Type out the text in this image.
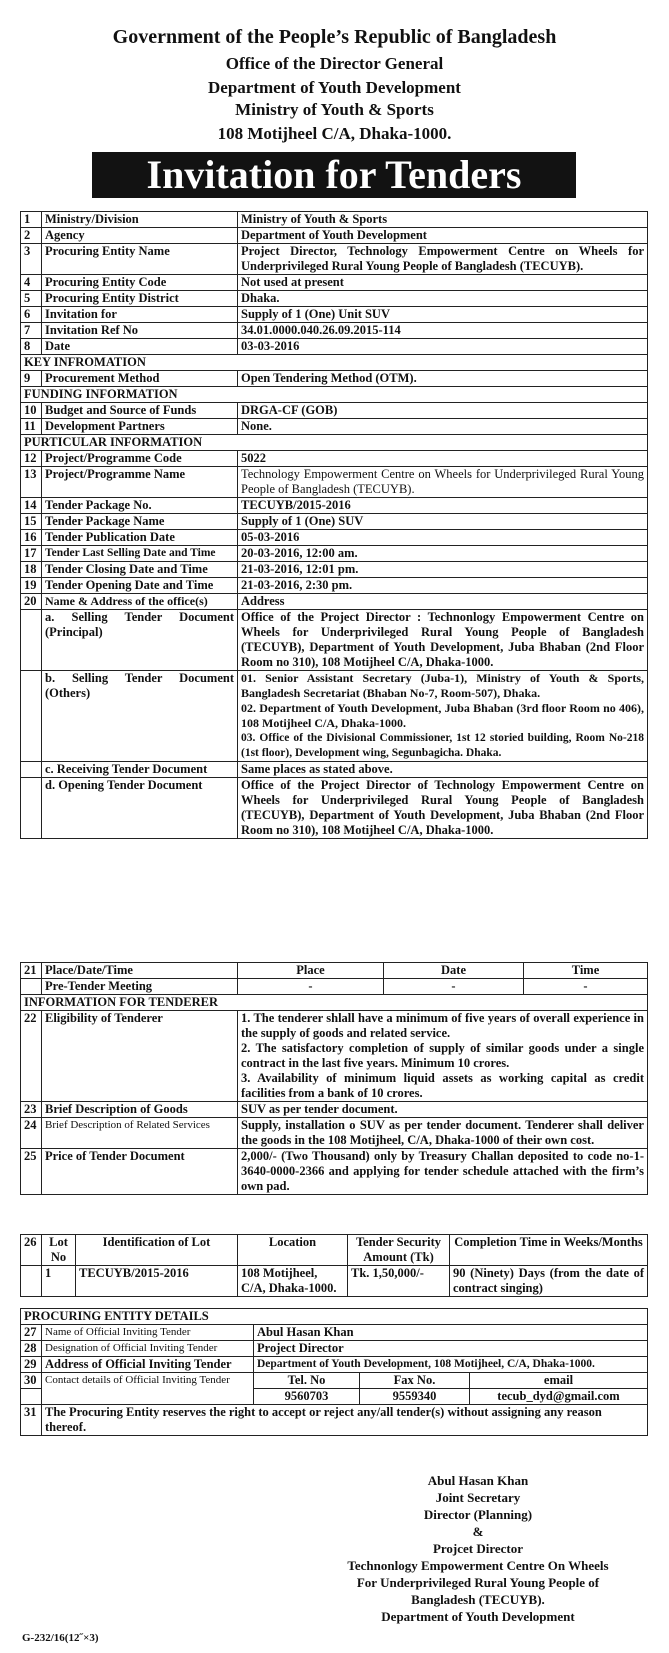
Government of the People’s Republic of Bangladesh
Office of the Director General
Department of Youth Development
Ministry of Youth & Sports
108 Motijheel C/A, Dhaka-1000.
Invitation for Tenders
1	Ministry/Division	Ministry of Youth & Sports
2	Agency	Department of Youth Development
3	Procuring Entity Name	Project Director, Technology Empowerment Centre on Wheels for Underprivileged Rural Young People of Bangladesh (TECUYB).
4	Procuring Entity Code	Not used at present
5	Procuring Entity District	Dhaka.
6	Invitation for	Supply of 1 (One) Unit SUV
7	Invitation Ref No	34.01.0000.040.26.09.2015-114
8	Date	03-03-2016
KEY INFROMATION		
9	Procurement Method	Open Tendering Method (OTM).
FUNDING INFORMATION		
10	Budget and Source of Funds	DRGA-CF (GOB)
11	Development Partners	None.
PURTICULAR INFORMATION		
12	Project/Programme Code	5022
13	Project/Programme Name	Technology Empowerment Centre on Wheels for Underprivileged Rural Young People of Bangladesh (TECUYB).
14	Tender Package No.	TECUYB/2015-2016
15	Tender Package Name	Supply of 1 (One) SUV
16	Tender Publication Date	05-03-2016
17	Tender Last Selling Date and Time	20-03-2016, 12:00 am.
18	Tender Closing Date and Time	21-03-2016, 12:01 pm.
19	Tender Opening Date and Time	21-03-2016, 2:30 pm.
20	Name & Address of the office(s)	Address
	a. Selling Tender Document (Principal)	Office of the Project Director : Technonlogy Empowerment Centre on Wheels for Underprivileged Rural Young People of Bangladesh (TECUYB), Department of Youth Development, Juba Bhaban (2nd Floor Room no 310), 108 Motijheel C/A, Dhaka-1000.
	b. Selling Tender Document (Others)	01. Senior Assistant Secretary (Juba-1), Ministry of Youth & Sports, Bangladesh Secretariat (Bhaban No-7, Room-507), Dhaka.
02. Department of Youth Development, Juba Bhaban (3rd floor Room no 406), 108 Motijheel C/A, Dhaka-1000.
03. Office of the Divisional Commissioner, 1st 12 storied building, Room No-218 (1st floor), Development wing, Segunbagicha. Dhaka.

	c. Receiving Tender Document	Same places as stated above.
	d. Opening Tender Document	Office of the Project Director of Technology Empowerment Centre on Wheels for Underprivileged Rural Young People of Bangladesh (TECUYB), Department of Youth Development, Juba Bhaban (2nd Floor Room no 310), 108 Motijheel C/A, Dhaka-1000.
21	Place/Date/Time	Place	Date	Time
	Pre-Tender Meeting	-	-	-
INFORMATION FOR TENDERER		
22	Eligibility of Tenderer	1. The tenderer shlall have a minimum of five years of overall experience in the supply of goods and related service.
2. The satisfactory completion of supply of similar goods under a single contract in the last five years. Minimum 10 crores.
3. Availability of minimum liquid assets as working capital as credit facilities from a bank of 10 crores.

23	Brief Description of Goods	SUV as per tender document.
24	Brief Description of Related Services	Supply, installation o SUV as per tender document. Tenderer shall deliver the goods in the 108 Motijheel, C/A, Dhaka-1000 of their own cost.
25	Price of Tender Document	2,000/- (Two Thousand) only by Treasury Challan deposited to code no-1-3640-0000-2366 and applying for tender schedule attached with the firm’s own pad.
26	Lot No	Identification of Lot	Location	Tender Security Amount (Tk)	Completion Time in Weeks/Months
	1	TECUYB/2015-2016	108 Motijheel, C/A, Dhaka-1000.	Tk. 1,50,000/-	90 (Ninety) Days (from the date of contract singing)
PROCURING ENTITY DETAILS				
27	Name of Official Inviting Tender	Abul Hasan Khan		
28	Designation of Official Inviting Tender	Project Director		
29	Address of Official Inviting Tender	Department of Youth Development, 108 Motijheel, C/A, Dhaka-1000.		
30	Contact details of Official Inviting Tender	Tel. No	Fax No.	email
		9560703	9559340	tecub_dyd@gmail.com
31	The Procuring Entity reserves the right to accept or reject any/all tender(s) without assigning any reason thereof.			
Abul Hasan Khan
Joint Secretary
Director (Planning)
&
Projcet Director
Technonlogy Empowerment Centre On Wheels
For Underprivileged Rural Young People of
Bangladesh (TECUYB).
Department of Youth Development
G-232/16(12˝×3)
